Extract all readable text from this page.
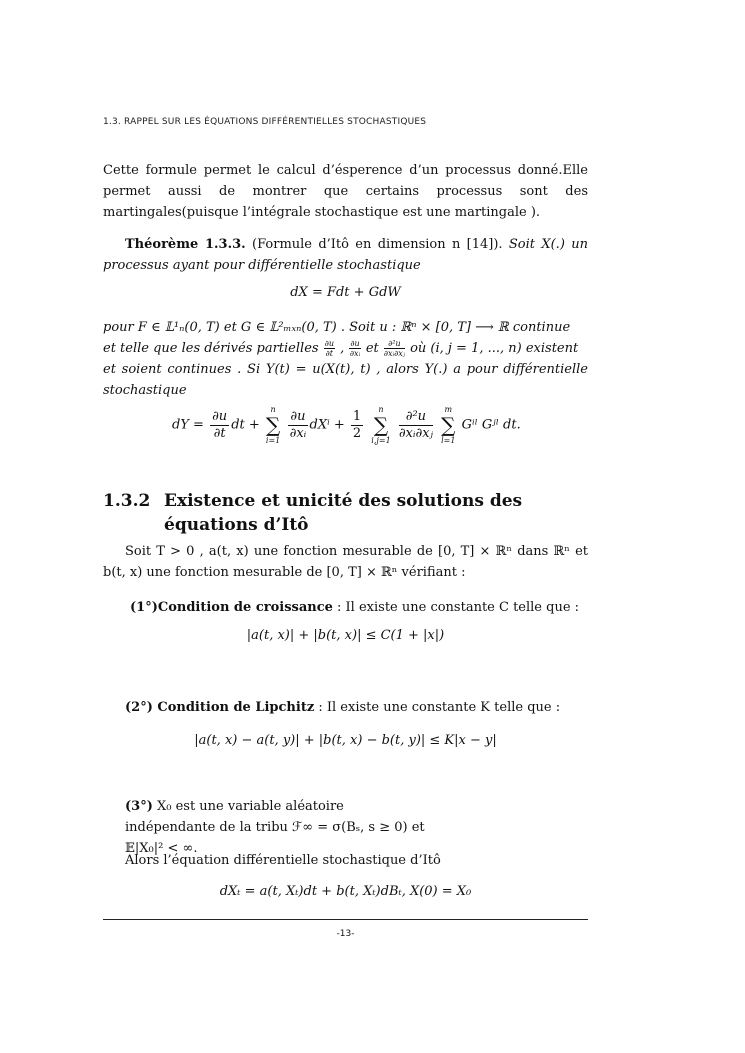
1.3. RAPPEL SUR LES ÉQUATIONS DIFFÉRENTIELLES STOCHASTIQUES
Cette formule permet le calcul d’ésperence d’un processus donné.Elle permet aussi de montrer que certains processus sont des martingales(puisque l’intégrale stochastique est une martingale ).
Théorème 1.3.3. (Formule d’Itô en dimension n [14]). Soit X(.) un processus ayant pour différentielle stochastique
dX = Fdt + GdW
pour F ∈ 𝕃¹ₙ(0, T) et G ∈ 𝕃²ₘₓₙ(0, T) . Soit u : ℝⁿ × [0, T] ⟶ ℝ continue
et telle que les dérivés partielles $\frac{\partial u}{\partial t}$ , $\frac{\partial u}{\text{∂xᵢ}}$ et $\frac{\text{∂²u}}{\text{∂xᵢ∂xⱼ}}$ où (i, j = 1, ..., n) existent
et soient continues . Si Y(t) = u(X(t), t) , alors Y(.) a pour différentielle stochastique
dY = $\frac{\partial u}{\partial t}$ dt +
n
∑
i=1
$\frac{\partial u}{\text{∂xᵢ}}$ $dX^i + \frac{1}{2}$
	n
∑
i,j=1
$\frac{\text{∂²u}}{\text{∂xᵢ∂xⱼ}}$
	m
∑
l=1
Gⁱˡ Gʲˡ dt.
1.3.2 Existence et unicité des solutions des équations d’Itô
Soit T > 0 , a(t, x) une fonction mesurable de [0, T] × ℝⁿ dans ℝⁿ et b(t, x) une fonction mesurable de [0, T] × ℝⁿ vérifiant :
(1°)Condition de croissance : Il existe une constante C telle que :
|a(t, x)| + |b(t, x)| ≤ C(1 + |x|)
(2°) Condition de Lipchitz : Il existe une constante K telle que :
|a(t, x) − a(t, y)| + |b(t, x) − b(t, y)| ≤ K|x − y|
(3°) X₀ est une variable aléatoire indépendante de la tribu ℱ∞ = σ(Bₛ, s ≥ 0) et 𝔼|X₀|² < ∞.
Alors l’équation différentielle stochastique d’Itô
dXₜ = a(t, Xₜ)dt + b(t, Xₜ)dBₜ, X(0) = X₀
-13-
